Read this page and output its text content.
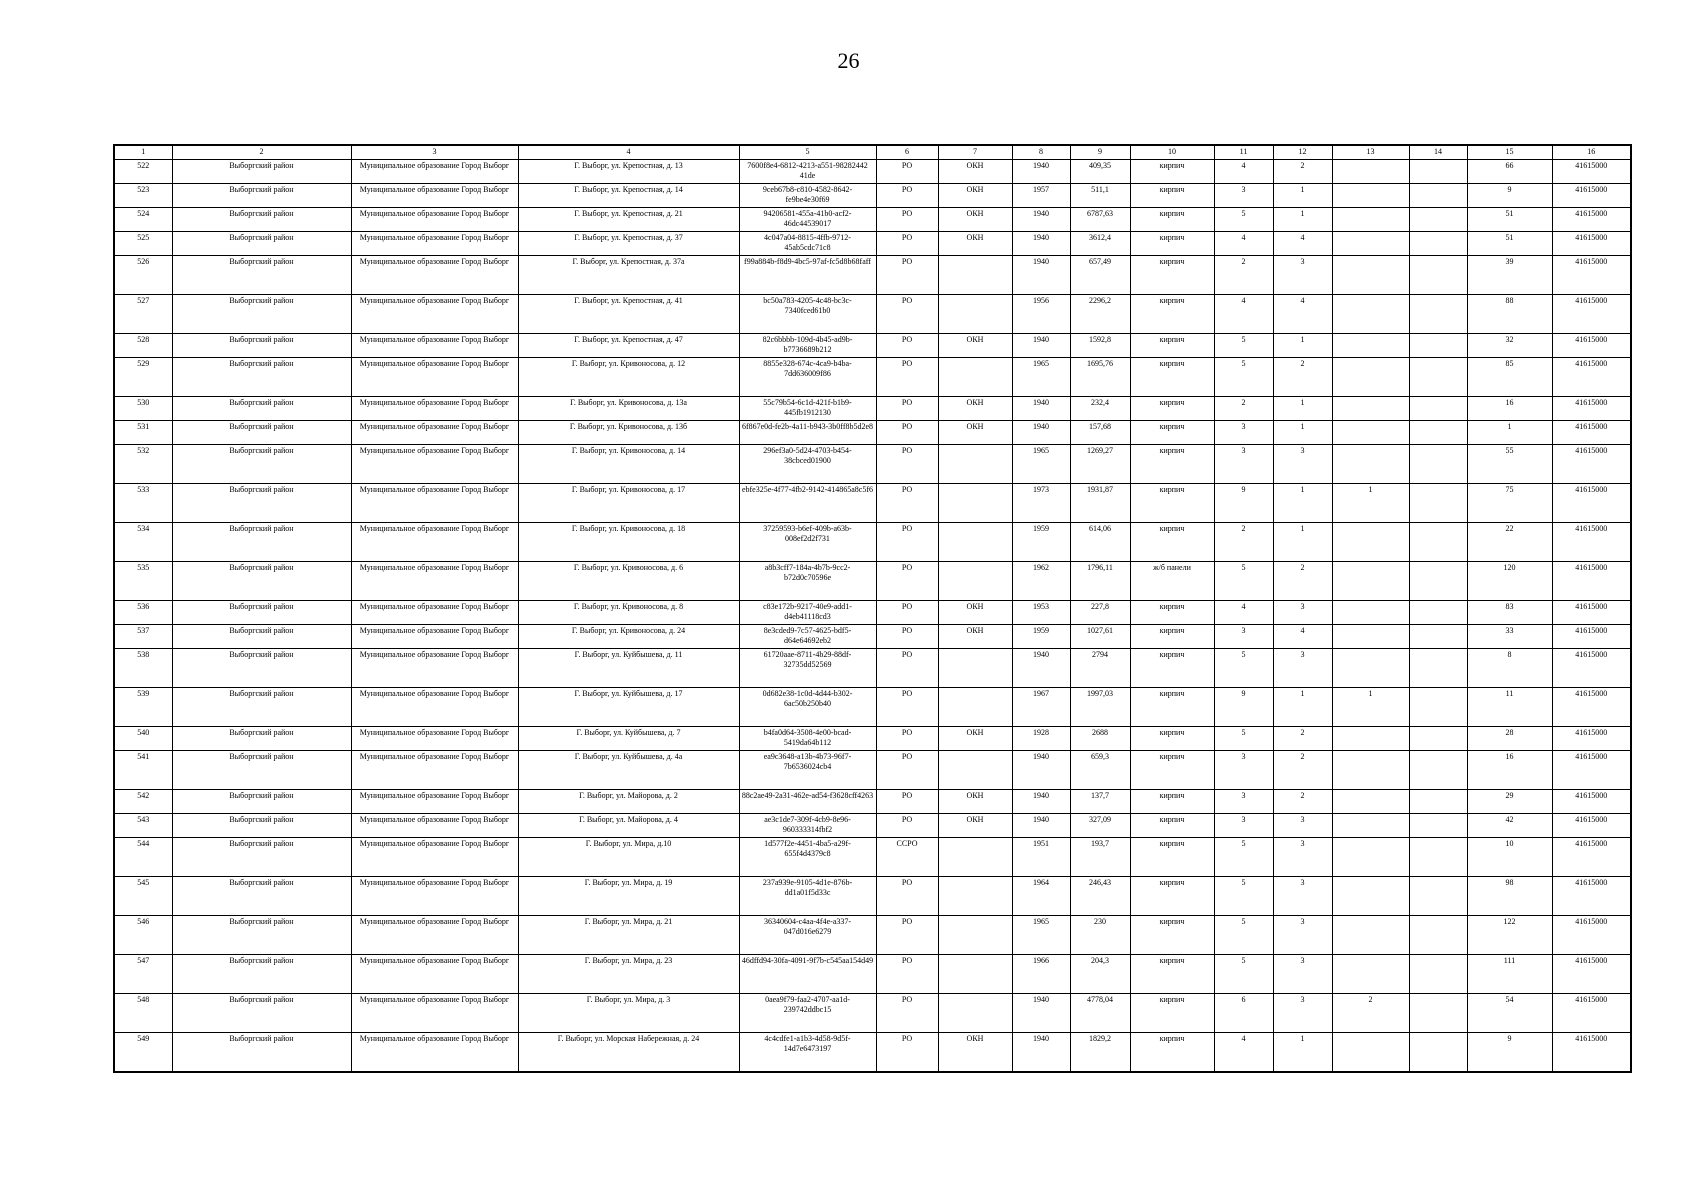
26
1	2	3	4	5	6	7	8	9	10	11	12	13	14	15	16
522	Выборгский район	Муниципальное образование Город Выборг	Г. Выборг, ул. Крепостная, д. 13	7600f8e4-6812-4213-a551-98282442 41de	РО	ОКН	1940	409,35	кирпич	4	2			66	41615000
523	Выборгский район	Муниципальное образование Город Выборг	Г. Выборг, ул. Крепостная, д. 14	9ceb67b8-c810-4582-8642-fe9be4e30f69	РО	ОКН	1957	511,1	кирпич	3	1			9	41615000
524	Выборгский район	Муниципальное образование Город Выборг	Г. Выборг, ул. Крепостная, д. 21	94206581-455a-41b0-acf2-46dc44539017	РО	ОКН	1940	6787,63	кирпич	5	1			51	41615000
525	Выборгский район	Муниципальное образование Город Выборг	Г. Выборг, ул. Крепостная, д. 37	4c047a04-8815-4ffb-9712-45ab5cdc71c8	РО	ОКН	1940	3612,4	кирпич	4	4			51	41615000
526	Выборгский район	Муниципальное образование Город Выборг	Г. Выборг, ул. Крепостная, д. 37а	f99a884b-f8d9-4bc5-97af-fc5d8b68faff	РО		1940	657,49	кирпич	2	3			39	41615000
527	Выборгский район	Муниципальное образование Город Выборг	Г. Выборг, ул. Крепостная, д. 41	bc50a783-4205-4c48-bc3c-7340fced61b0	РО		1956	2296,2	кирпич	4	4			88	41615000
528	Выборгский район	Муниципальное образование Город Выборг	Г. Выборг, ул. Крепостная, д. 47	82c6bbbb-109d-4b45-ad9b-b7736689b212	РО	ОКН	1940	1592,8	кирпич	5	1			32	41615000
529	Выборгский район	Муниципальное образование Город Выборг	Г. Выборг, ул. Кривоносова, д. 12	8855e328-674c-4ca9-b4ba-7dd636009f86	РО		1965	1695,76	кирпич	5	2			85	41615000
530	Выборгский район	Муниципальное образование Город Выборг	Г. Выборг, ул. Кривоносова, д. 13а	55c79b54-6c1d-421f-b1b9-445fb1912130	РО	ОКН	1940	232,4	кирпич	2	1			16	41615000
531	Выборгский район	Муниципальное образование Город Выборг	Г. Выборг, ул. Кривоносова, д. 13б	6f867e0d-fe2b-4a11-b943-3b0ff8b5d2e8	РО	ОКН	1940	157,68	кирпич	3	1			1	41615000
532	Выборгский район	Муниципальное образование Город Выборг	Г. Выборг, ул. Кривоносова, д. 14	296ef3a0-5d24-4703-b454-38cbced01900	РО		1965	1269,27	кирпич	3	3			55	41615000
533	Выборгский район	Муниципальное образование Город Выборг	Г. Выборг, ул. Кривоносова, д. 17	ebfe325e-4f77-4fb2-9142-414865a8c5f6	РО		1973	1931,87	кирпич	9	1	1		75	41615000
534	Выборгский район	Муниципальное образование Город Выборг	Г. Выборг, ул. Кривоносова, д. 18	37259593-b6ef-409b-a63b-008ef2d2f731	РО		1959	614,06	кирпич	2	1			22	41615000
535	Выборгский район	Муниципальное образование Город Выборг	Г. Выборг, ул. Кривоносова, д. 6	a8b3cff7-184a-4b7b-9cc2-b72d0c70596e	РО		1962	1796,11	ж/б панели	5	2			120	41615000
536	Выборгский район	Муниципальное образование Город Выборг	Г. Выборг, ул. Кривоносова, д. 8	c83e172b-9217-40e9-add1-d4eb41118cd3	РО	ОКН	1953	227,8	кирпич	4	3			83	41615000
537	Выборгский район	Муниципальное образование Город Выборг	Г. Выборг, ул. Кривоносова, д. 24	8e3cded9-7c57-4625-bdf5-d64e64692eb2	РО	ОКН	1959	1027,61	кирпич	3	4			33	41615000
538	Выборгский район	Муниципальное образование Город Выборг	Г. Выборг, ул. Куйбышева, д. 11	61720aae-8711-4b29-88df-32735dd52569	РО		1940	2794	кирпич	5	3			8	41615000
539	Выборгский район	Муниципальное образование Город Выборг	Г. Выборг, ул. Куйбышева, д. 17	0d682e38-1c0d-4d44-b302-6ac50b250b40	РО		1967	1997,03	кирпич	9	1	1		11	41615000
540	Выборгский район	Муниципальное образование Город Выборг	Г. Выборг, ул. Куйбышева, д. 7	b4fa0d64-3508-4e00-bcad-5419da64b112	РО	ОКН	1928	2688	кирпич	5	2			28	41615000
541	Выборгский район	Муниципальное образование Город Выборг	Г. Выборг, ул. Куйбышева, д. 4а	ea9c3648-a13b-4b73-96f7-7b6536024cb4	РО		1940	659,3	кирпич	3	2			16	41615000
542	Выборгский район	Муниципальное образование Город Выборг	Г. Выборг, ул. Майорова, д. 2	88c2ae49-2a31-462e-ad54-f3628cff4263	РО	ОКН	1940	137,7	кирпич	3	2			29	41615000
543	Выборгский район	Муниципальное образование Город Выборг	Г. Выборг, ул. Майорова, д. 4	ae3c1de7-309f-4cb9-8e96-960333314fbf2	РО	ОКН	1940	327,09	кирпич	3	3			42	41615000
544	Выборгский район	Муниципальное образование Город Выборг	Г. Выборг, ул. Мира, д.10	1d577f2e-4451-4ba5-a29f-655f4d4379c8	ССРО		1951	193,7	кирпич	5	3			10	41615000
545	Выборгский район	Муниципальное образование Город Выборг	Г. Выборг, ул. Мира, д. 19	237a939e-9105-4d1e-876b-dd1a01f5d33c	РО		1964	246,43	кирпич	5	3			98	41615000
546	Выборгский район	Муниципальное образование Город Выборг	Г. Выборг, ул. Мира, д. 21	36340604-c4aa-4f4e-a337-047d016e6279	РО		1965	230	кирпич	5	3			122	41615000
547	Выборгский район	Муниципальное образование Город Выборг	Г. Выборг, ул. Мира, д. 23	46dffd94-30fa-4091-9f7b-c545aa154d49	РО		1966	204,3	кирпич	5	3			111	41615000
548	Выборгский район	Муниципальное образование Город Выборг	Г. Выборг, ул. Мира, д. 3	0aea9f79-faa2-4707-aa1d-239742ddbc15	РО		1940	4778,04	кирпич	6	3	2		54	41615000
549	Выборгский район	Муниципальное образование Город Выборг	Г. Выборг, ул. Морская Набережная, д. 24	4c4cdfe1-a1b3-4d58-9d5f-14d7e6473197	РО	ОКН	1940	1829,2	кирпич	4	1			9	41615000
